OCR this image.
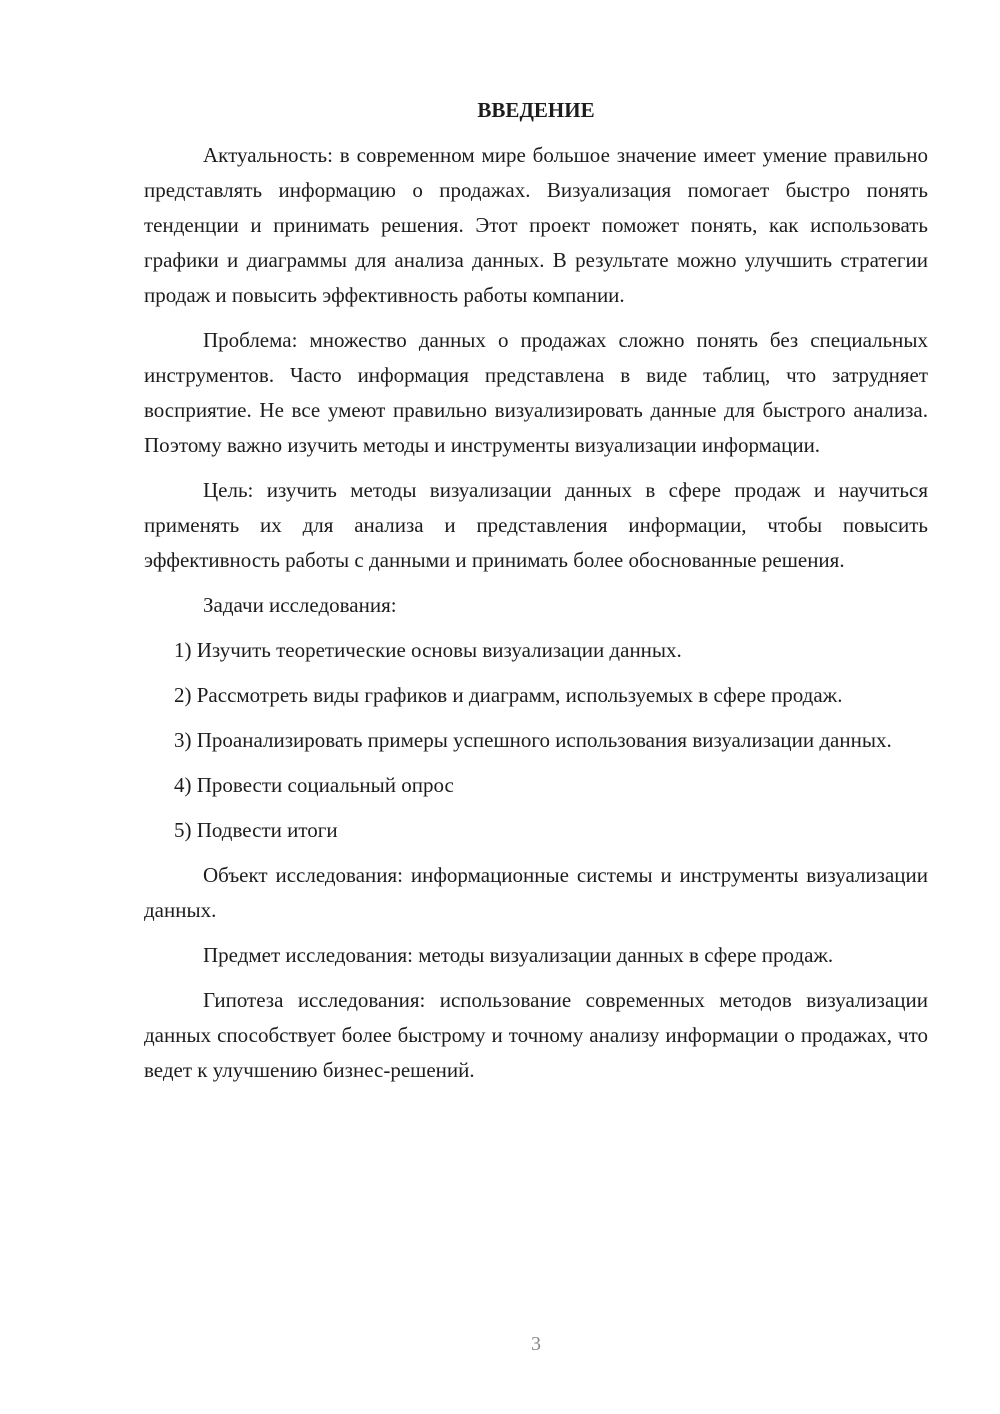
ВВЕДЕНИЕ

Актуальность: в современном мире большое значение имеет умение правильно представлять информацию о продажах. Визуализация помогает быстро понять тенденции и принимать решения. Этот проект поможет понять, как использовать графики и диаграммы для анализа данных. В результате можно улучшить стратегии продаж и повысить эффективность работы компании.

Проблема: множество данных о продажах сложно понять без специальных инструментов. Часто информация представлена в виде таблиц, что затрудняет восприятие. Не все умеют правильно визуализировать данные для быстрого анализа. Поэтому важно изучить методы и инструменты визуализации информации.

Цель: изучить методы визуализации данных в сфере продаж и научиться применять их для анализа и представления информации, чтобы повысить эффективность работы с данными и принимать более обоснованные решения.

Задачи исследования:

1) Изучить теоретические основы визуализации данных.

2) Рассмотреть виды графиков и диаграмм, используемых в сфере продаж.

3) Проанализировать примеры успешного использования визуализации данных.

4) Провести социальный опрос

5) Подвести итоги

Объект исследования: информационные системы и инструменты визуализации данных.

Предмет исследования: методы визуализации данных в сфере продаж.

Гипотеза исследования: использование современных методов визуализации данных способствует более быстрому и точному анализу информации о продажах, что ведет к улучшению бизнес-решений.

3
